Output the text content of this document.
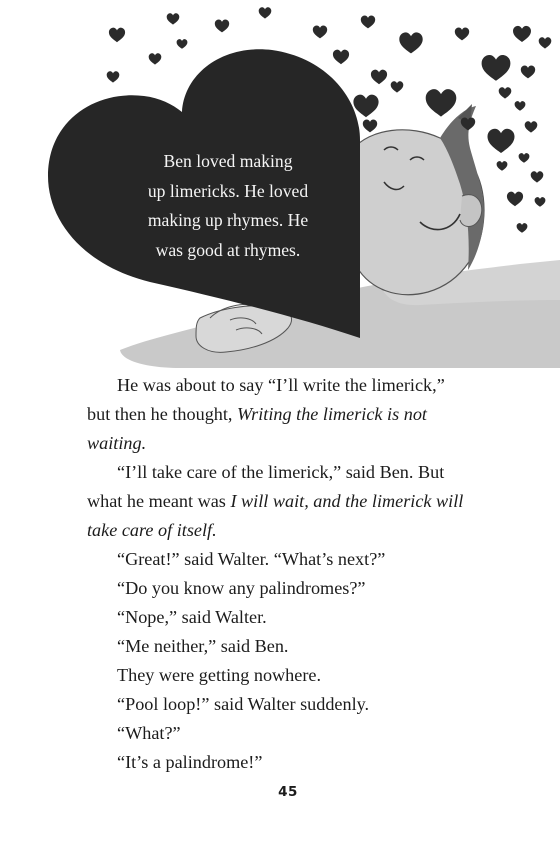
Ben loved making
up limericks. He loved
making up rhymes. He
was good at rhymes.
He was about to say “I’ll write the limerick,”
but then he thought, Writing the limerick is not
waiting.
“I’ll take care of the limerick,” said Ben. But
what he meant was I will wait, and the limerick will
take care of itself.
“Great!” said Walter. “What’s next?”
“Do you know any palindromes?”
“Nope,” said Walter.
“Me neither,” said Ben.
They were getting nowhere.
“Pool loop!” said Walter suddenly.
“What?”
“It’s a palindrome!”
45
